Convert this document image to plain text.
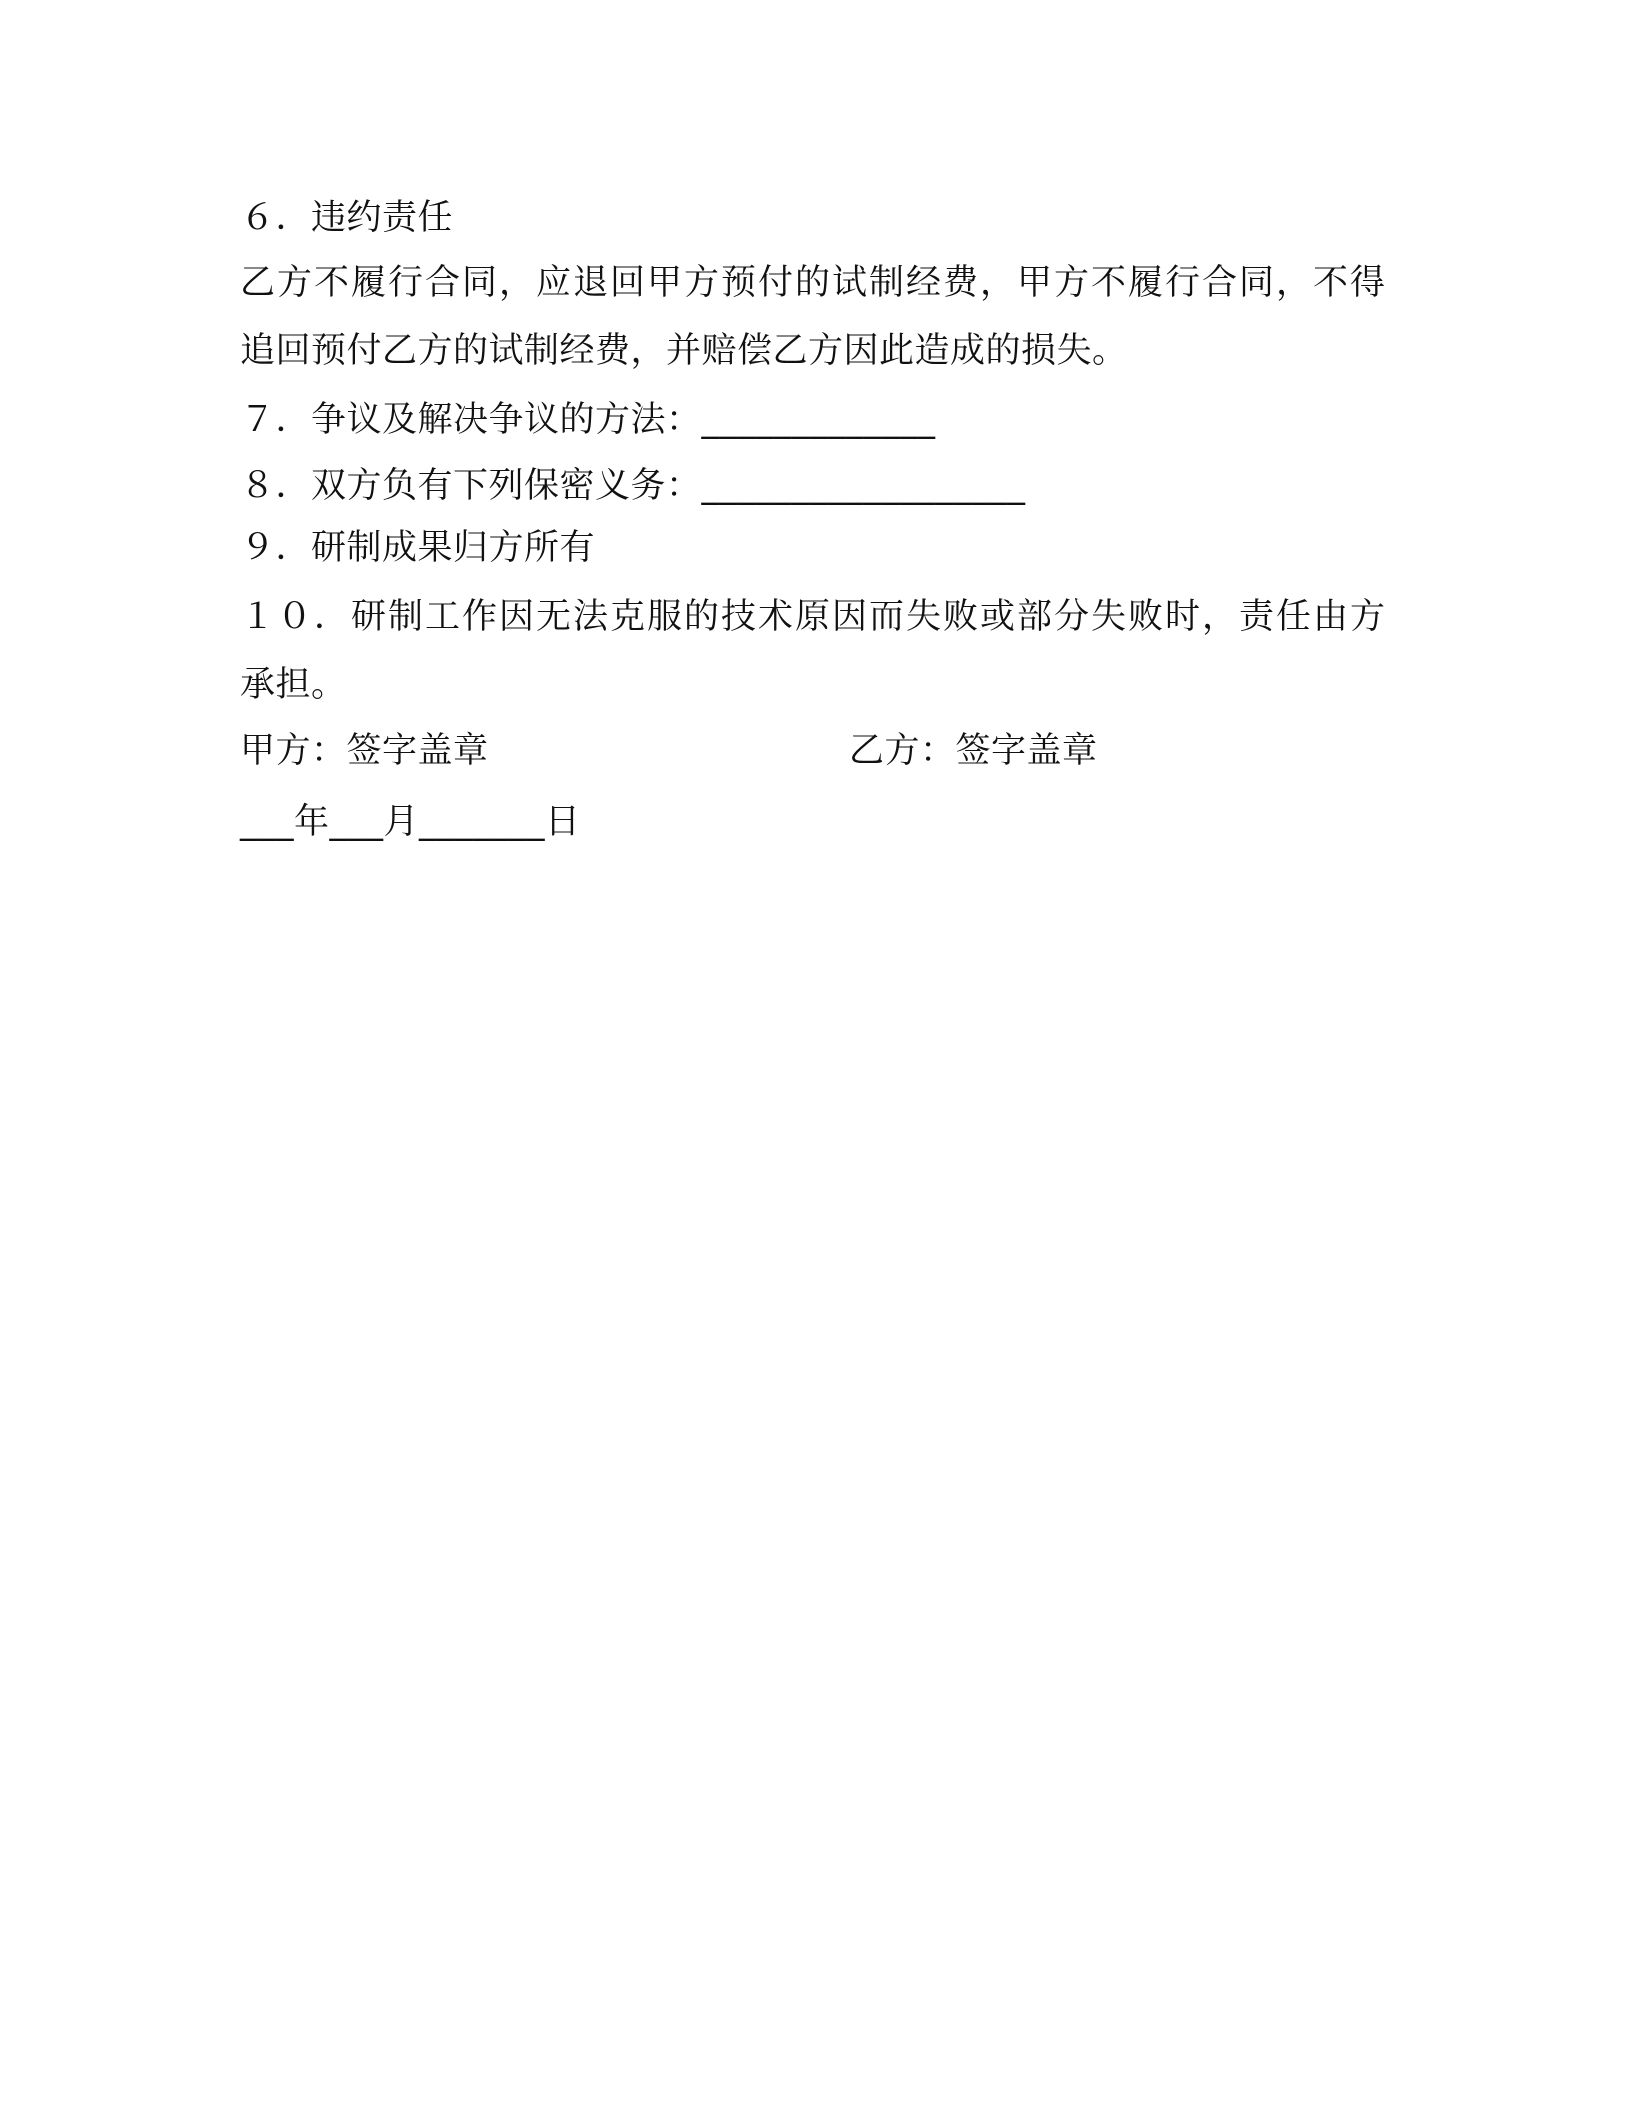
６．违约责任
乙方不履行合同，应退回甲方预付的试制经费，甲方不履行合同，不得
追回预付乙方的试制经费，并赔偿乙方因此造成的损失。
７．争议及解决争议的方法：_____________
８．双方负有下列保密义务：__________________
９．研制成果归方所有
１０．研制工作因无法克服的技术原因而失败或部分失败时，责任由方
承担。
甲方：签字盖章	乙方：签字盖章
___年___月_______日
